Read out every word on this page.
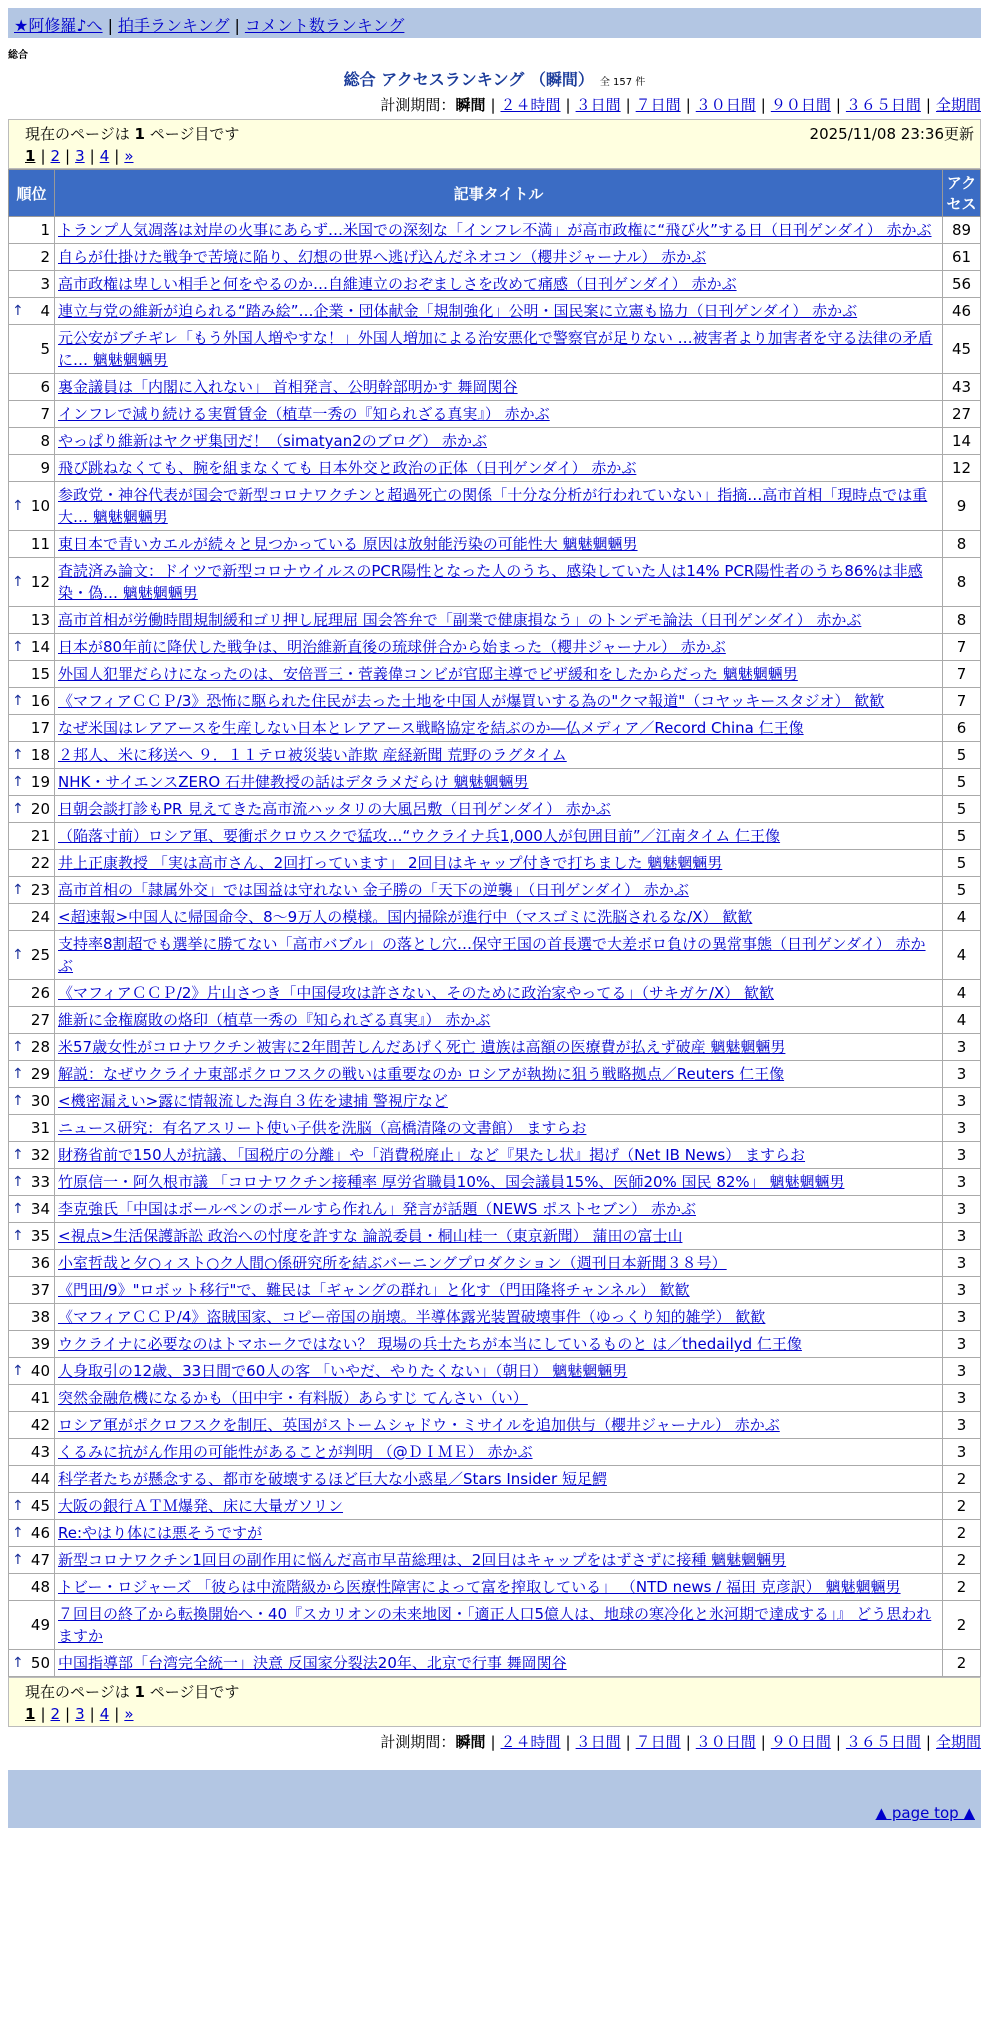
★阿修羅♪へ | 拍手ランキング | コメント数ランキング
総合
総合 アクセスランキング （瞬間） 全 157 件
計測期間：瞬間 | ２４時間 | ３日間 | ７日間 | ３０日間 | ９０日間 | ３６５日間 | 全期間
現在のページは 1 ページ目です	2025/11/08 23:36更新
1 | 2 | 3 | 4 | »
順位	記事タイトル	アクセス
1	トランプ人気凋落は対岸の火事にあらず…米国での深刻な「インフレ不満」が高市政権に“飛び火”する日（日刊ゲンダイ） 赤かぶ	89
2	自らが仕掛けた戦争で苦境に陥り、幻想の世界へ逃げ込んだネオコン（櫻井ジャーナル） 赤かぶ	61
3	高市政権は卑しい相手と何をやるのか…自維連立のおぞましさを改めて痛感（日刊ゲンダイ） 赤かぶ	56

↑ 4	連立与党の維新が迫られる“踏み絵”…企業・団体献金「規制強化」公明・国民案に立憲も協力（日刊ゲンダイ） 赤かぶ	46
5	元公安がブチギレ「もう外国人増やすな！」外国人増加による治安悪化で警察官が足りない …被害者より加害者を守る法律の矛盾に… 魑魅魍魎男	45
6	裏金議員は「内閣に入れない」 首相発言、公明幹部明かす 舞岡関谷	43
7	インフレで減り続ける実質賃金（植草一秀の『知られざる真実』） 赤かぶ	27
8	やっぱり維新はヤクザ集団だ！（simatyan2のブログ） 赤かぶ	14
9	飛び跳ねなくても、腕を組まなくても 日本外交と政治の正体（日刊ゲンダイ） 赤かぶ	12

↑ 10	参政党・神谷代表が国会で新型コロナワクチンと超過死亡の関係「十分な分析が行われていない」指摘…高市首相「現時点では重大… 魑魅魍魎男	9
11	東日本で青いカエルが続々と見つかっている 原因は放射能汚染の可能性大 魑魅魍魎男	8

↑ 12	査読済み論文：ドイツで新型コロナウイルスのPCR陽性となった人のうち、感染していた人は14% PCR陽性者のうち86%は非感染・偽… 魑魅魍魎男	8
13	高市首相が労働時間規制緩和ゴリ押し屁理屈 国会答弁で「副業で健康損なう」のトンデモ論法（日刊ゲンダイ） 赤かぶ	8

↑ 14	日本が80年前に降伏した戦争は、明治維新直後の琉球併合から始まった（櫻井ジャーナル） 赤かぶ	7
15	外国人犯罪だらけになったのは、安倍晋三・菅義偉コンビが官邸主導でビザ緩和をしたからだった 魑魅魍魎男	7

↑ 16	《マフィアＣＣＰ/3》恐怖に駆られた住民が去った土地を中国人が爆買いする為の"クマ報道"（コヤッキースタジオ） 歓歓	7
17	なぜ米国はレアアースを生産しない日本とレアアース戦略協定を結ぶのか―仏メディア／Record China 仁王像	6

↑ 18	２邦人、米に移送へ ９．１１テロ被災装い詐欺 産経新聞 荒野のラグタイム	5

↑ 19	NHK・サイエンスZERO 石井健教授の話はデタラメだらけ 魑魅魍魎男	5

↑ 20	日朝会談打診もPR 見えてきた高市流ハッタリの大風呂敷（日刊ゲンダイ） 赤かぶ	5
21	（陥落寸前）ロシア軍、要衝ポクロウスクで猛攻…“ウクライナ兵1,000人が包囲目前”／江南タイム 仁王像	5
22	井上正康教授 「実は高市さん、2回打っています」 2回目はキャップ付きで打ちました 魑魅魍魎男	5

↑ 23	高市首相の「隷属外交」では国益は守れない 金子勝の「天下の逆襲」（日刊ゲンダイ） 赤かぶ	5
24	<超速報>中国人に帰国命令、8～9万人の模様。国内掃除が進行中（マスゴミに洗脳されるな/X） 歓歓	4

↑ 25	支持率8割超でも選挙に勝てない「高市バブル」の落とし穴…保守王国の首長選で大差ボロ負けの異常事態（日刊ゲンダイ） 赤かぶ	4
26	《マフィアＣＣＰ/2》片山さつき「中国侵攻は許さない、そのために政治家やってる」（サキガケ/X） 歓歓	4
27	維新に金権腐敗の烙印（植草一秀の『知られざる真実』） 赤かぶ	4

↑ 28	米57歳女性がコロナワクチン被害に2年間苦しんだあげく死亡 遺族は高額の医療費が払えず破産 魑魅魍魎男	3

↑ 29	解説：なぜウクライナ東部ポクロフスクの戦いは重要なのか ロシアが執拗に狙う戦略拠点／Reuters 仁王像	3

↑ 30	<機密漏えい>露に情報流した海自３佐を逮捕 警視庁など	3
31	ニュース研究：有名アスリート使い子供を洗脳（高橋清隆の文書館） ますらお	3

↑ 32	財務省前で150人が抗議、「国税庁の分離」や「消費税廃止」など『果たし状』掲げ（Net IB News） ますらお	3

↑ 33	竹原信一・阿久根市議 「コロナワクチン接種率 厚労省職員10%、国会議員15%、医師20% 国民 82%」 魑魅魍魎男	3

↑ 34	李克強氏「中国はボールペンのボールすら作れん」発言が話題（NEWS ポストセブン） 赤かぶ	3

↑ 35	<視点>生活保護訴訟 政治への忖度を許すな 論説委員・桐山桂一（東京新聞） 蒲田の富士山	3
36	小室哲哉と夕○ィスト○ク人間○係研究所を結ぶバーニングプロダクション（週刊日本新聞３８号）	3
37	《門田/9》"ロボット移行"で、難民は「ギャングの群れ」と化す（門田隆将チャンネル） 歓歓	3
38	《マフィアＣＣＰ/4》盗賊国家、コピー帝国の崩壊。半導体露光装置破壊事件（ゆっくり知的雑学） 歓歓	3
39	ウクライナに必要なのはトマホークではない？ 現場の兵士たちが本当にしているものと は／thedailyd 仁王像	3

↑ 40	人身取引の12歳、33日間で60人の客 「いやだ、やりたくない」（朝日） 魑魅魍魎男	3
41	突然金融危機になるかも（田中宇・有料版）あらすじ てんさい（い）	3
42	ロシア軍がポクロフスクを制圧、英国がストームシャドウ・ミサイルを追加供与（櫻井ジャーナル） 赤かぶ	3
43	くるみに抗がん作用の可能性があることが判明 （@ＤＩＭＥ） 赤かぶ	3
44	科学者たちが懸念する、都市を破壊するほど巨大な小惑星／Stars Insider 短足鰐	2

↑ 45	大阪の銀行ＡＴＭ爆発、床に大量ガソリン	2

↑ 46	Re:やはり体には悪そうですが	2

↑ 47	新型コロナワクチン1回目の副作用に悩んだ高市早苗総理は、2回目はキャップをはずさずに接種 魑魅魍魎男	2
48	トビー・ロジャーズ 「彼らは中流階級から医療性障害によって富を搾取している」 （NTD news / 福田 克彦訳） 魑魅魍魎男	2
49	７回目の終了から転換開始へ・40『スカリオンの未来地図・「適正人口5億人は、地球の寒冷化と氷河期で達成する」』 どう思われますか	2

↑ 50	中国指導部「台湾完全統一」決意 反国家分裂法20年、北京で行事 舞岡関谷	2
現在のページは 1 ページ目です
1 | 2 | 3 | 4 | »
計測期間：瞬間 | ２４時間 | ３日間 | ７日間 | ３０日間 | ９０日間 | ３６５日間 | 全期間
▲ page top ▲
